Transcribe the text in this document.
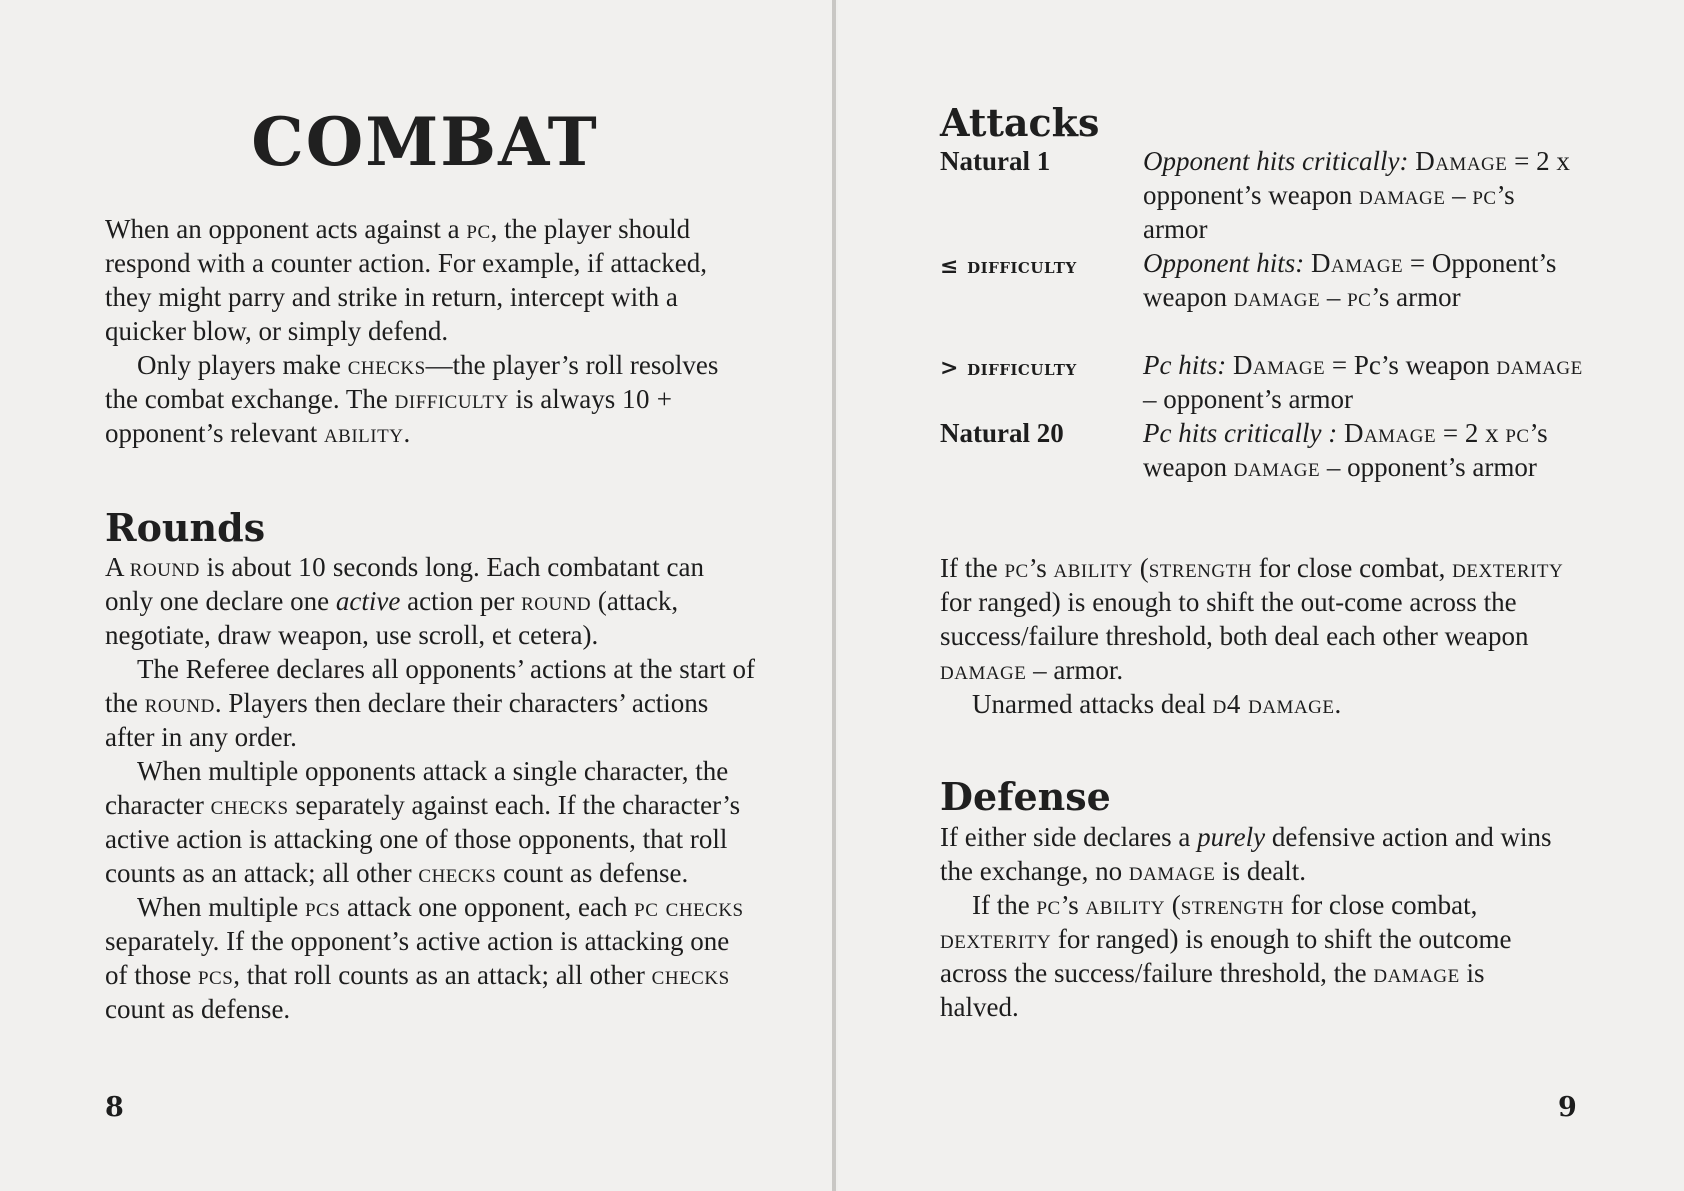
COMBAT

When an opponent acts against a pc, the player should respond with a counter action. For example, if attacked, they might parry and strike in return, intercept with a quicker blow, or simply defend.

Only players make checks—the player’s roll resolves the combat exchange. The difficulty is always 10 + opponent’s relevant ability.

Rounds

A round is about 10 seconds long. Each combatant can only one declare one active action per round (attack, negotiate, draw weapon, use scroll, et cetera).

The Referee declares all opponents’ actions at the start of the round. Players then declare their characters’ actions after in any order.

When multiple opponents attack a single character, the character checks separately against each. If the character’s active action is attacking one of those opponents, that roll counts as an attack; all other checks count as defense.

When multiple pcs attack one opponent, each pc checks separately. If the opponent’s active action is attacking one of those pcs, that roll counts as an attack; all other checks count as defense.

8
Attacks
Natural 1	Opponent hits critically: Damage = 2 x opponent’s weapon damage – pc’s armor
≤ difficulty Opponent hits: Damage = Opponent’s weapon damage – pc’s armor
> difficulty Pc hits: Damage = Pc’s weapon damage – opponent’s armor
Natural 20	Pc hits critically : Damage = 2 x pc’s weapon damage – opponent’s armor

If the pc’s ability (strength for close combat, dexterity for ranged) is enough to shift the out-come across the success/failure threshold, both deal each other weapon damage – armor.

Unarmed attacks deal d4 damage.

Defense

If either side declares a purely defensive action and wins the exchange, no damage is dealt.

If the pc’s ability (strength for close combat, dexterity for ranged) is enough to shift the outcome across the success/failure threshold, the damage is halved.

9
